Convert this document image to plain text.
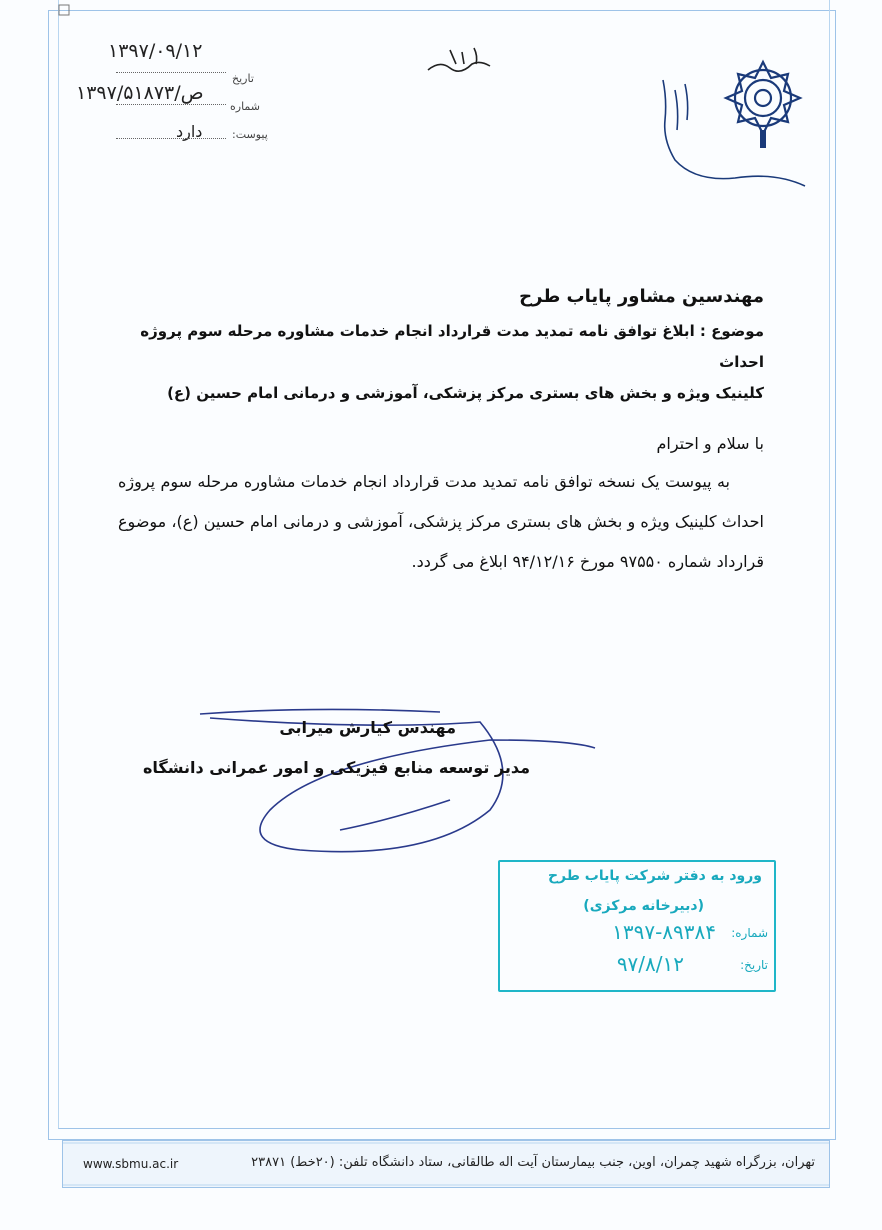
۱۳۹۷/۰۹/۱۲
تاریخ
۱۳۹۷/ص/۵۱۸۷۳
شماره
دارد	پیوست:
مهندسین مشاور پایاب طرح
موضوع : ابلاغ توافق نامه تمدید مدت قرارداد انجام خدمات مشاوره مرحله سوم پروژه احداث
کلینیک ویژه و بخش های بستری مرکز پزشکی، آموزشی و درمانی امام حسین (ع)
با سلام و احترام
به پیوست یک نسخه توافق نامه تمدید مدت قرارداد انجام خدمات مشاوره مرحله سوم پروژه احداث کلینیک ویژه و بخش های بستری مرکز پزشکی، آموزشی و درمانی امام حسین (ع)، موضوع قرارداد شماره ۹۷۵۵۰ مورخ ۹۴/۱۲/۱۶ ابلاغ می گردد.
مهندس کیارش میرابی
مدیر توسعه منابع فیزیکی و امور عمرانی دانشگاه
ورود به دفتر شرکت پایاب طرح
(دبیرخانه مرکزی)
شماره:
۱۳۹۷-۸۹۳۸۴
تاریخ:
۹۷/۸/۱۲
تهران، بزرگراه شهید چمران، اوین، جنب بیمارستان آیت اله طالقانی، ستاد دانشگاه تلفن: (۲۰خط) ۲۳۸۷۱
www.sbmu.ac.ir
